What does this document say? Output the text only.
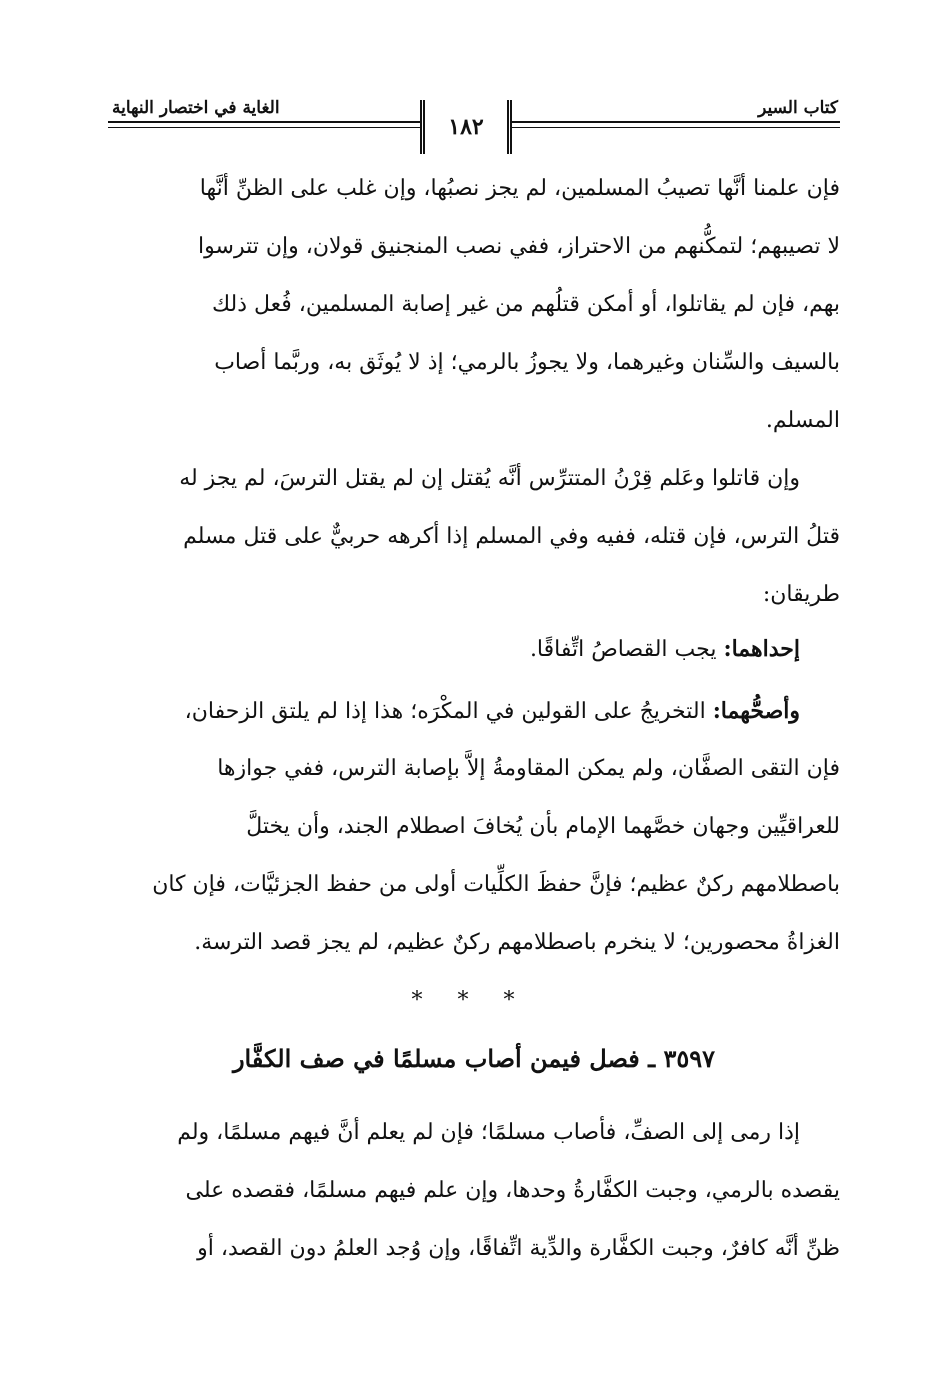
كتاب السير
الغاية في اختصار النهاية
١٨٢
فإن علمنا أنَّها تصيبُ المسلمين، لم يجز نصبُها، وإن غلب على الظنِّ أنَّها
لا تصيبهم؛ لتمكُّنهم من الاحتراز، ففي نصب المنجنيق قولان، وإن تترسوا
بهم، فإن لم يقاتلوا، أو أمكن قتلُهم من غير إصابة المسلمين، فُعل ذلك
بالسيف والسِّنان وغيرهما، ولا يجوزُ بالرمي؛ إذ لا يُوثَق به، وربَّما أصاب
المسلم.
وإن قاتلوا وعَلم قِرْنُ المتترِّس أنَّه يُقتل إن لم يقتل الترسَ، لم يجز له
قتلُ الترس، فإن قتله، ففيه وفي المسلم إذا أكرهه حربيٌّ على قتل مسلم
طريقان:
إحداهما: يجب القصاصُ اتِّفاقًا.
وأصحُّهما: التخريجُ على القولين في المكْرَه؛ هذا إذا لم يلتق الزحفان،
فإن التقى الصفَّان، ولم يمكن المقاومةُ إلاَّ بإصابة الترس، ففي جوازها
للعراقيِّين وجهان خصَّهما الإمام بأن يُخافَ اصطلام الجند، وأن يختلَّ
باصطلامهم ركنٌ عظيم؛ فإنَّ حفظَ الكلِّيات أولى من حفظ الجزئيَّات، فإن كان
الغزاةُ محصورين؛ لا ينخرم باصطلامهم ركنٌ عظيم، لم يجز قصد الترسة.
* * *
٣٥٩٧ ـ فصل فيمن أصاب مسلمًا في صف الكفَّار
إذا رمى إلى الصفِّ، فأصاب مسلمًا؛ فإن لم يعلم أنَّ فيهم مسلمًا، ولم
يقصده بالرمي، وجبت الكفَّارةُ وحدها، وإن علم فيهم مسلمًا، فقصده على
ظنِّ أنَّه كافرٌ، وجبت الكفَّارة والدِّية اتِّفاقًا، وإن وُجد العلمُ دون القصد، أو
